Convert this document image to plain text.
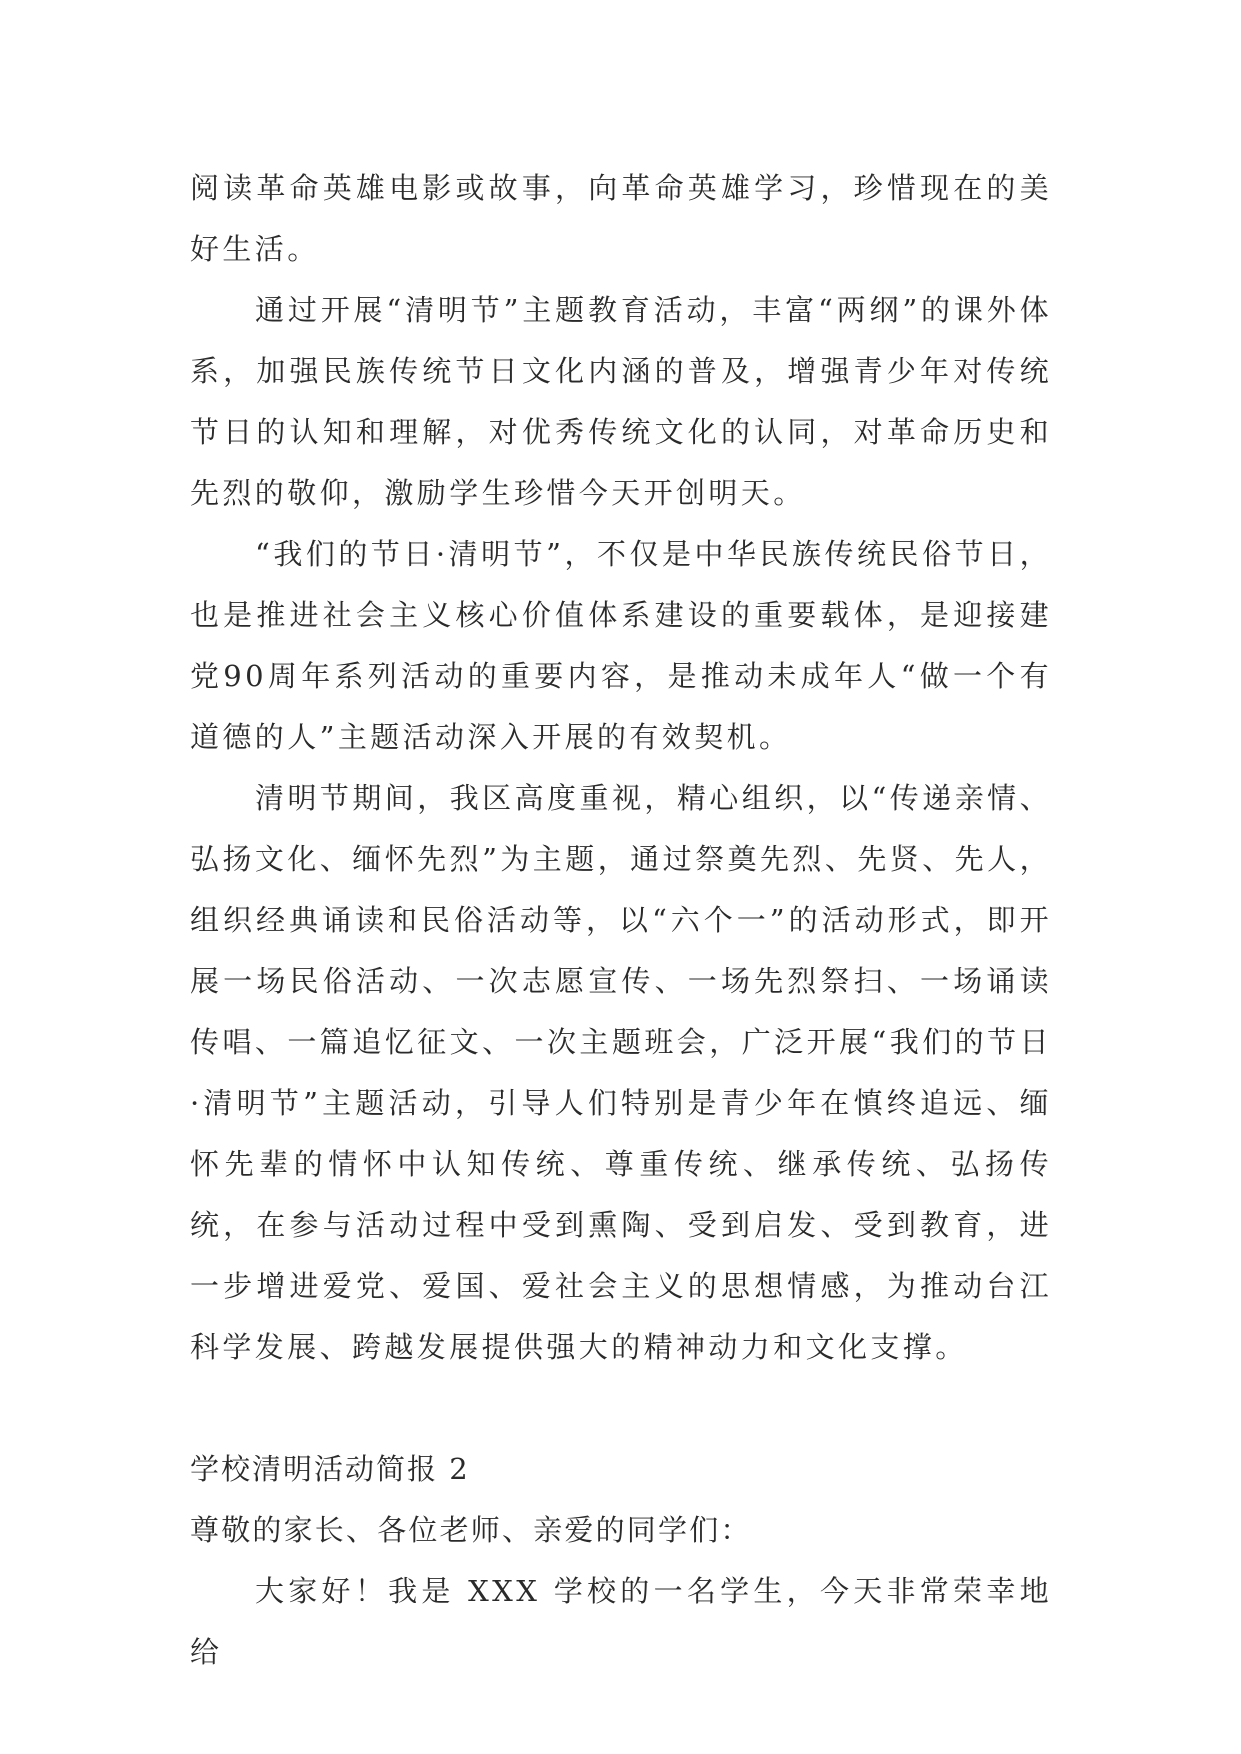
阅读革命英雄电影或故事，向革命英雄学习，珍惜现在的美好生活。

通过开展“清明节”主题教育活动，丰富“两纲”的课外体系，加强民族传统节日文化内涵的普及，增强青少年对传统节日的认知和理解，对优秀传统文化的认同，对革命历史和先烈的敬仰，激励学生珍惜今天开创明天。

“我们的节日·清明节”，不仅是中华民族传统民俗节日，也是推进社会主义核心价值体系建设的重要载体，是迎接建党90周年系列活动的重要内容，是推动未成年人“做一个有道德的人”主题活动深入开展的有效契机。

清明节期间，我区高度重视，精心组织，以“传递亲情、弘扬文化、缅怀先烈”为主题，通过祭奠先烈、先贤、先人，组织经典诵读和民俗活动等，以“六个一”的活动形式，即开展一场民俗活动、一次志愿宣传、一场先烈祭扫、一场诵读传唱、一篇追忆征文、一次主题班会，广泛开展“我们的节日·清明节”主题活动，引导人们特别是青少年在慎终追远、缅怀先辈的情怀中认知传统、尊重传统、继承传统、弘扬传统，在参与活动过程中受到熏陶、受到启发、受到教育，进一步增进爱党、爱国、爱社会主义的思想情感，为推动台江科学发展、跨越发展提供强大的精神动力和文化支撑。

学校清明活动简报 2

尊敬的家长、各位老师、亲爱的同学们：

大家好！我是 XXX 学校的一名学生，今天非常荣幸地给
